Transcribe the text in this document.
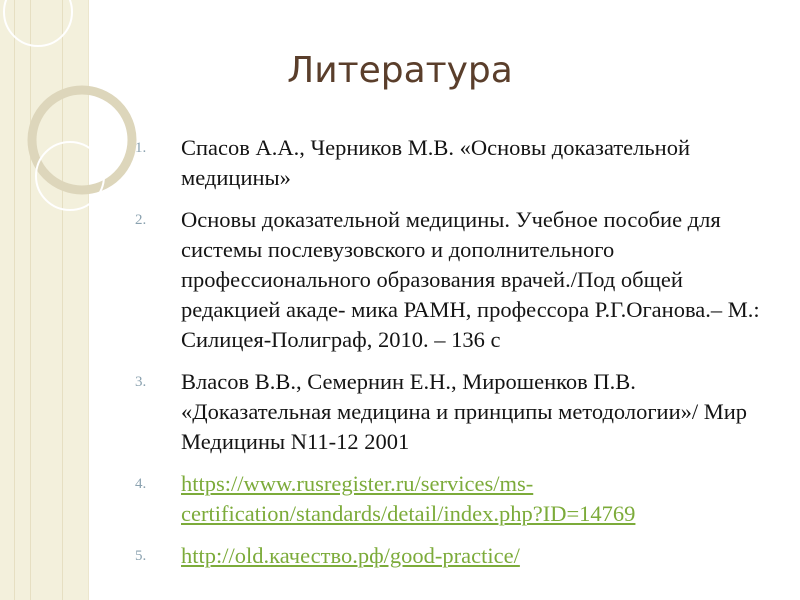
Литература
1.	Спасов А.А., Черников М.В. «Основы доказательной медицины»
2.	Основы доказательной медицины. Учебное пособие для системы послевузовского и дополнительного профессионального образования врачей./Под общей редакцией акаде- мика РАМН, профессора Р.Г.Оганова.– М.: Силицея-Полиграф, 2010. – 136 с
3.	Власов В.В., Семернин Е.Н., Мирошенков П.В. «Доказательная медицина и принципы методологии»/ Мир Медицины N11-12 2001
4.	https://www.rusregister.ru/services/ms-
certification/standards/detail/index.php?ID=14769
5.	http://old.качество.рф/good-practice/
